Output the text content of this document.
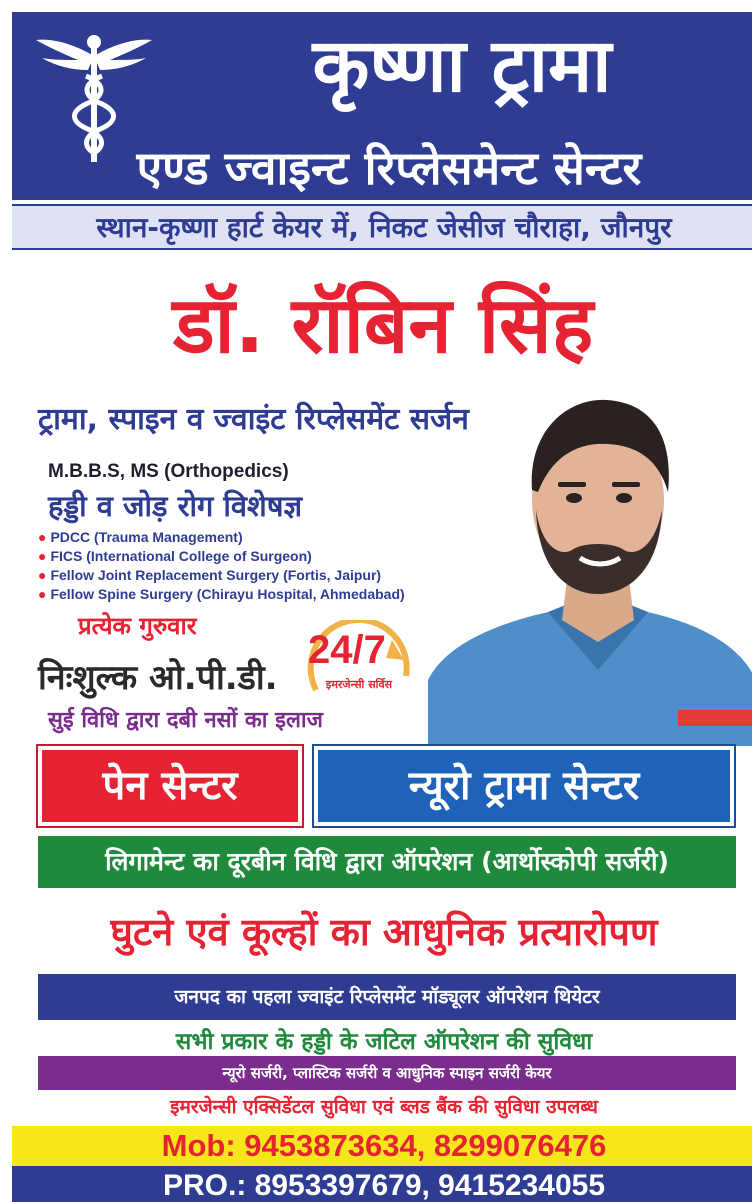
कृष्णा ट्रामा
एण्ड ज्वाइन्ट रिप्लेसमेन्ट सेन्टर
स्थान-कृष्णा हार्ट केयर में, निकट जेसीज चौराहा, जौनपुर
डॉ. रॉबिन सिंह
ट्रामा, स्पाइन व ज्वाइंट रिप्लेसमेंट सर्जन
M.B.B.S, MS (Orthopedics)
हड्डी व जोड़ रोग विशेषज्ञ
● PDCC (Trauma Management)
● FICS (International College of Surgeon)
● Fellow Joint Replacement Surgery (Fortis, Jaipur)
● Fellow Spine Surgery (Chirayu Hospital, Ahmedabad)
प्रत्येक गुरुवार
निःशुल्क ओ.पी.डी.
सुई विधि द्वारा दबी नसों का इलाज
24/7
इमरजेन्सी सर्विस
पेन सेन्टर	न्यूरो ट्रामा सेन्टर
लिगामेन्ट का दूरबीन विधि द्वारा ऑपरेशन (आर्थोस्कोपी सर्जरी)
घुटने एवं कूल्हों का आधुनिक प्रत्यारोपण
जनपद का पहला ज्वाइंट रिप्लेसमेंट मॉड्यूलर ऑपरेशन थियेटर
सभी प्रकार के हड्डी के जटिल ऑपरेशन की सुविधा
न्यूरो सर्जरी, प्लास्टिक सर्जरी व आधुनिक स्पाइन सर्जरी केयर
इमरजेन्सी एक्सिडेंटल सुविधा एवं ब्लड बैंक की सुविधा उपलब्ध
Mob: 9453873634, 8299076476
PRO.: 8953397679, 9415234055
